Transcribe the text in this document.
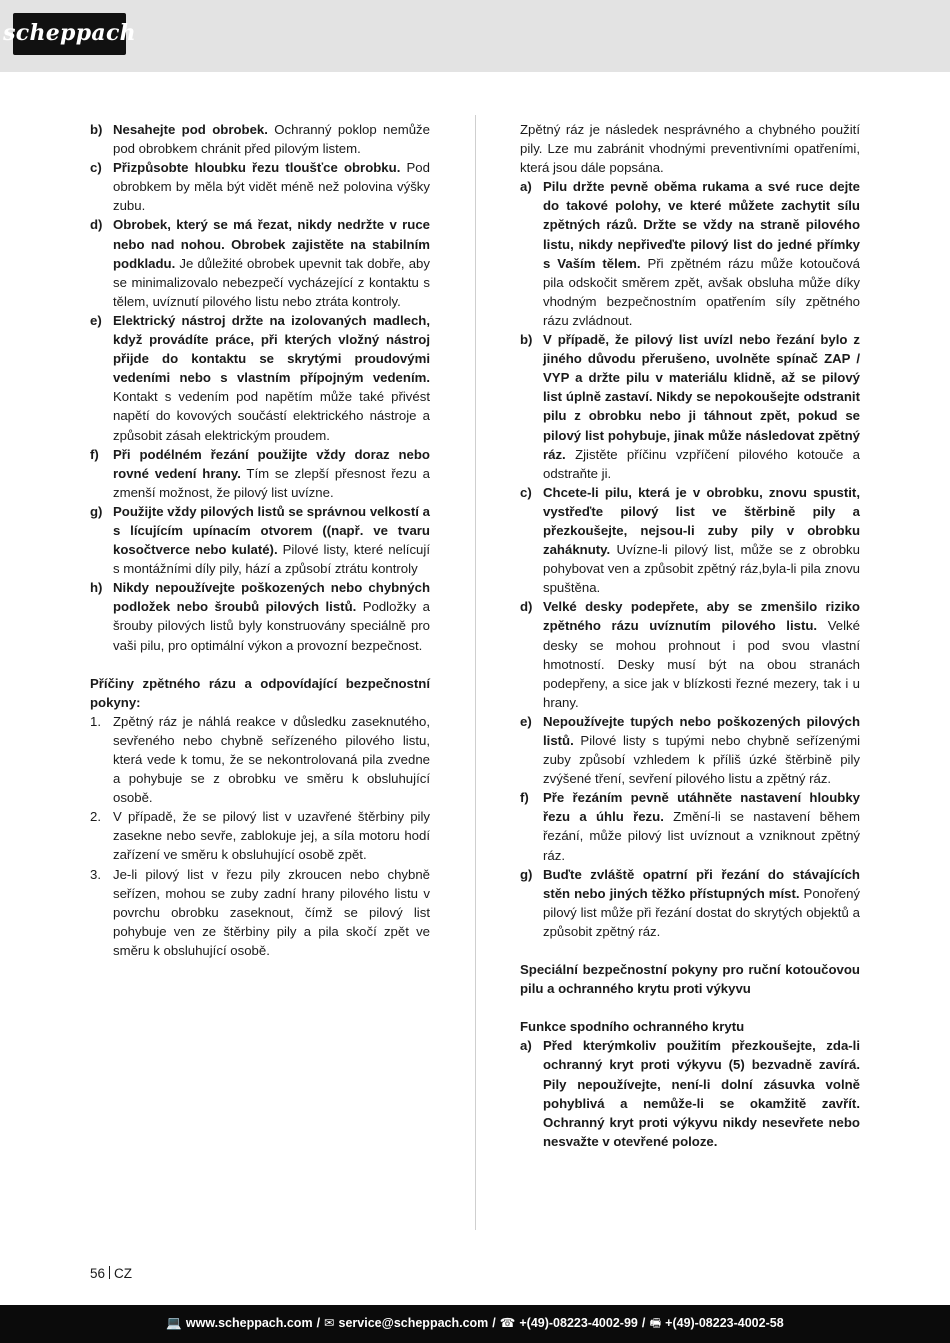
scheppach
b) Nesahejte pod obrobek. Ochranný poklop nemůže pod obrobkem chránit před pilovým listem.
c) Přizpůsobte hloubku řezu tloušťce obrobku. Pod obrobkem by měla být vidět méně než polovina výšky zubu.
d) Obrobek, který se má řezat, nikdy nedržte v ruce nebo nad nohou. Obrobek zajistěte na stabilním podkladu. Je důležité obrobek upevnit tak dobře, aby se minimalizovalo nebezpečí vycházející z kontaktu s tělem, uvíznutí pilového listu nebo ztráta kontroly.
e) Elektrický nástroj držte na izolovaných madlech, když provádíte práce, při kterých vložný nástroj přijde do kontaktu se skrytými proudovými vedeními nebo s vlastním přípojným vedením. Kontakt s vedením pod napětím může také přivést napětí do kovových součástí elektrického nástroje a způsobit zásah elektrickým proudem.
f)	Při podélném řezání použijte vždy doraz nebo rovné vedení hrany. Tím se zlepší přesnost řezu a zmenší možnost, že pilový list uvízne.
g) Použijte vždy pilových listů se správnou velkostí a s lícujícím upínacím otvorem ((např. ve tvaru kosočtverce nebo kulaté). Pilové listy, které nelícují s montážními díly pily, hází a způsobí ztrátu kontroly
h) Nikdy nepoužívejte poškozených nebo chybných podložek nebo šroubů pilových listů. Podložky a šrouby pilových listů byly konstruovány speciálně pro vaši pilu, pro optimální výkon a provozní bezpečnost.
Příčiny zpětného rázu a odpovídající bezpečnostní pokyny:
1. Zpětný ráz je náhlá reakce v důsledku zaseknutého, sevřeného nebo chybně seřízeného pilového listu, která vede k tomu, že se nekontrolovaná pila zvedne a pohybuje se z obrobku ve směru k obsluhující osobě.
2. V případě, že se pilový list v uzavřené štěrbiny pily zasekne nebo sevře, zablokuje jej, a síla motoru hodí zařízení ve směru k obsluhující osobě zpět.
3. Je-li pilový list v řezu pily zkroucen nebo chybně seřízen, mohou se zuby zadní hrany pilového listu v povrchu obrobku zaseknout, čímž se pilový list pohybuje ven ze štěrbiny pily a pila skočí zpět ve směru k obsluhující osobě.

Zpětný ráz je následek nesprávného a chybného použití pily. Lze mu zabránit vhodnými preventivními opatřeními, která jsou dále popsána.

a) Pilu držte pevně oběma rukama a své ruce dejte do takové polohy, ve které můžete zachytit sílu zpětných rázů. Držte se vždy na straně pilového listu, nikdy nepřiveďte pilový list do jedné přímky s Vaším tělem. Při zpětném rázu může kotoučová pila odskočit směrem zpět, avšak obsluha může díky vhodným bezpečnostním opatřením síly zpětného rázu zvládnout.
b) V případě, že pilový list uvízl nebo řezání bylo z jiného důvodu přerušeno, uvolněte spínač ZAP / VYP a držte pilu v materiálu klidně, až se pilový list úplně zastaví. Nikdy se nepokoušejte odstranit pilu z obrobku nebo ji táhnout zpět, pokud se pilový list pohybuje, jinak může následovat zpětný ráz. Zjistěte příčinu vzpříčení pilového kotouče a odstraňte ji.
c) Chcete-li pilu, která je v obrobku, znovu spustit, vystřeďte pilový list ve štěrbině pily a přezkoušejte, nejsou-li zuby pily v obrobku zaháknuty. Uvízne-li pilový list, může se z obrobku pohybovat ven a způsobit zpětný ráz,byla-li pila znovu spuštěna.
d) Velké desky podepřete, aby se zmenšilo riziko zpětného rázu uvíznutím pilového listu. Velké desky se mohou prohnout i pod svou vlastní hmotností. Desky musí být na obou stranách podepřeny, a sice jak v blízkosti řezné mezery, tak i u hrany.
e) Nepoužívejte tupých nebo poškozených pilových listů. Pilové listy s tupými nebo chybně seřízenými zuby způsobí vzhledem k příliš úzké štěrbině pily zvýšené tření, sevření pilového listu a zpětný ráz.
f)	Pře řezáním pevně utáhněte nastavení hloubky řezu a úhlu řezu. Změní-li se nastavení během řezání, může pilový list uvíznout a vzniknout zpětný ráz.
g) Buďte zvláště opatrní při řezání do stávajících stěn nebo jiných těžko přístupných míst. Ponořený pilový list může při řezání dostat do skrytých objektů a způsobit zpětný ráz.
Speciální bezpečnostní pokyny pro ruční kotoučovou pilu a ochranného krytu proti výkyvu
Funkce spodního ochranného krytu
a) Před kterýmkoliv použitím přezkoušejte, zda-li ochranný kryt proti výkyvu (5) bezvadně zavírá. Pily nepoužívejte, není-li dolní zásuvka volně pohyblivá a nemůže-li se okamžitě zavřít. Ochranný kryt proti výkyvu nikdy nesevřete nebo nesvažte v otevřené poloze.
56 CZ
💻 www.scheppach.com / ✉ service@scheppach.com / ☎ +(49)-08223-4002-99 / 🖷 +(49)-08223-4002-58
